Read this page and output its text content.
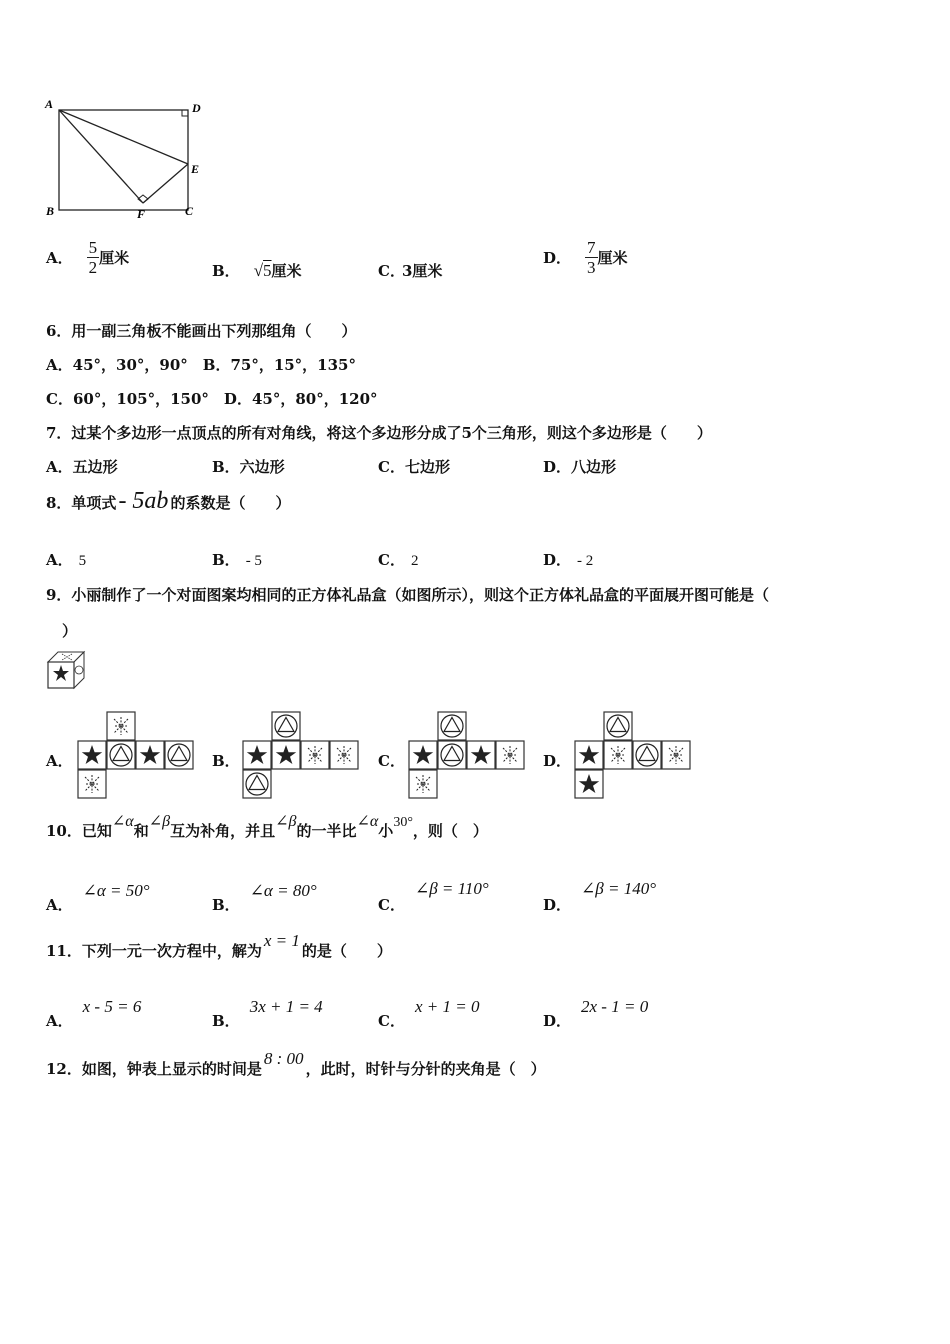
A	D
E
B	F	C
A． $\frac{5}{2}$ 厘米
B． √5厘米	C．
3厘米
D． $\frac{7}{3}$ 厘米
6．用一副三角板不能画出下列那组角（　　）
A．45°，30°，90°　B．75°，15°，135°
C．60°，105°，150°　D．45°，80°，120°
7．过某个多边形一点顶点的所有对角线，将这个多边形分成了5个三角形，则这个多边形是（　　）
A．五边形	B．六边形	C．七边形	D．八边形
8．单项式- 5ab 的系数是（　　）
A． 5	B． - 5	C． 2	D． - 2
9．小丽制作了一个对面图案均相同的正方体礼品盒（如图所示），则这个正方体礼品盒的平面展开图可能是（
）
A．	B．	C．	D．
10．已知∠α和∠β互为补角，并且∠β的一半比∠α小30°，则（　）
A．∠α = 50°
B．∠α = 80°
C．∠β = 110°
D．∠β = 140°
11．下列一元一次方程中，解为x = 1的是（　　）
A．x - 5 = 6
B．3x + 1 = 4
C．x + 1 = 0
D．2x - 1 = 0
12．如图，钟表上显示的时间是8 : 00，此时，时针与分针的夹角是（　）
